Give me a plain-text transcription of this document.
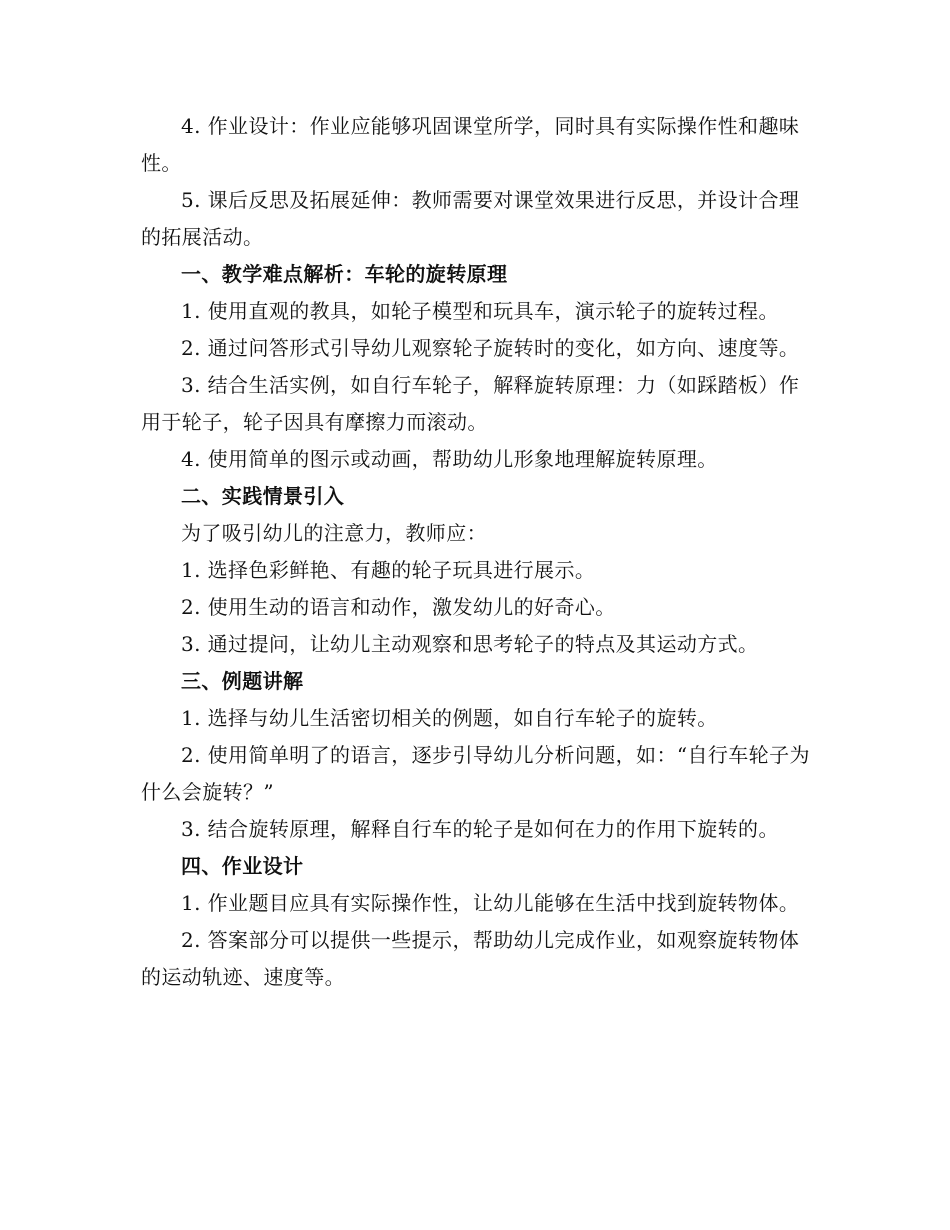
4. 作业设计：作业应能够巩固课堂所学，同时具有实际操作性和趣味性。

5. 课后反思及拓展延伸：教师需要对课堂效果进行反思，并设计合理的拓展活动。

一、教学难点解析：车轮的旋转原理

1. 使用直观的教具，如轮子模型和玩具车，演示轮子的旋转过程。

2. 通过问答形式引导幼儿观察轮子旋转时的变化，如方向、速度等。

3. 结合生活实例，如自行车轮子，解释旋转原理：力（如踩踏板）作用于轮子，轮子因具有摩擦力而滚动。

4. 使用简单的图示或动画，帮助幼儿形象地理解旋转原理。

二、实践情景引入

为了吸引幼儿的注意力，教师应：

1. 选择色彩鲜艳、有趣的轮子玩具进行展示。

2. 使用生动的语言和动作，激发幼儿的好奇心。

3. 通过提问，让幼儿主动观察和思考轮子的特点及其运动方式。

三、例题讲解

1. 选择与幼儿生活密切相关的例题，如自行车轮子的旋转。

2. 使用简单明了的语言，逐步引导幼儿分析问题，如：“自行车轮子为什么会旋转？”

3. 结合旋转原理，解释自行车的轮子是如何在力的作用下旋转的。

四、作业设计

1. 作业题目应具有实际操作性，让幼儿能够在生活中找到旋转物体。

2. 答案部分可以提供一些提示，帮助幼儿完成作业，如观察旋转物体的运动轨迹、速度等。
